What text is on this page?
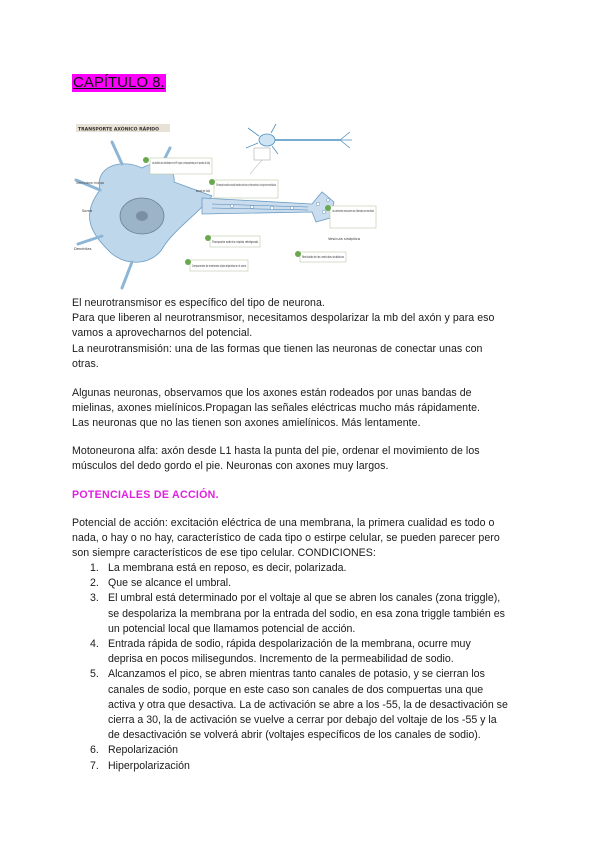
CAPÍTULO 8.
TRANSPORTE AXÓNICO RÁPIDO
Los péptidos son sintetizados en el RE rugoso y empaquetados por el aparato de Golgi
El transporte axónico rápido traslada vesículas y mitocondrias a lo largo de microtúbulos
Los contenidos vesiculares son liberados por exocitosis
Transporte axónico rápido retrógrado
Componentes de membrana viejos digeridos en el soma
Reciclado de las vesículas sinápticas
Síntesis en los ribosomas / retículo rugoso
Soma
Dendritas
Aparato de Golgi
Vesícula sináptica

El neurotransmisor es específico del tipo de neurona.

Para que liberen al neurotransmisor, necesitamos despolarizar la mb del axón y para eso

vamos a aprovecharnos del potencial.

La neurotransmisión: una de las formas que tienen las neuronas de conectar unas con

otras.

Algunas neuronas, observamos que los axones están rodeados por unas bandas de

mielinas, axones mielínicos.Propagan las señales eléctricas mucho más rápidamente.

Las neuronas que no las tienen son axones amielínicos. Más lentamente.

Motoneurona alfa: axón desde L1 hasta la punta del pie, ordenar el movimiento de los

músculos del dedo gordo el pie. Neuronas con axones muy largos.

POTENCIALES DE ACCIÓN.

Potencial de acción: excitación eléctrica de una membrana, la primera cualidad es todo o

nada, o hay o no hay, característico de cada tipo o estirpe celular, se pueden parecer pero

son siempre característicos de ese tipo celular. CONDICIONES:

1. La membrana está en reposo, es decir, polarizada.
2. Que se alcance el umbral.
3. El umbral está determinado por el voltaje al que se abren los canales (zona triggle),
se despolariza la membrana por la entrada del sodio, en esa zona triggle también es
un potencial local que llamamos potencial de acción.
4. Entrada rápida de sodio, rápida despolarización de la membrana, ocurre muy
deprisa en pocos milisegundos. Incremento de la permeabilidad de sodio.
5. Alcanzamos el pico, se abren mientras tanto canales de potasio, y se cierran los
canales de sodio, porque en este caso son canales de dos compuertas una que
activa y otra que desactiva. La de activación se abre a los -55, la de desactivación se
cierra a 30, la de activación se vuelve a cerrar por debajo del voltaje de los -55 y la
de desactivación se volverá abrir (voltajes específicos de los canales de sodio).
6. Repolarización
7. Hiperpolarización
